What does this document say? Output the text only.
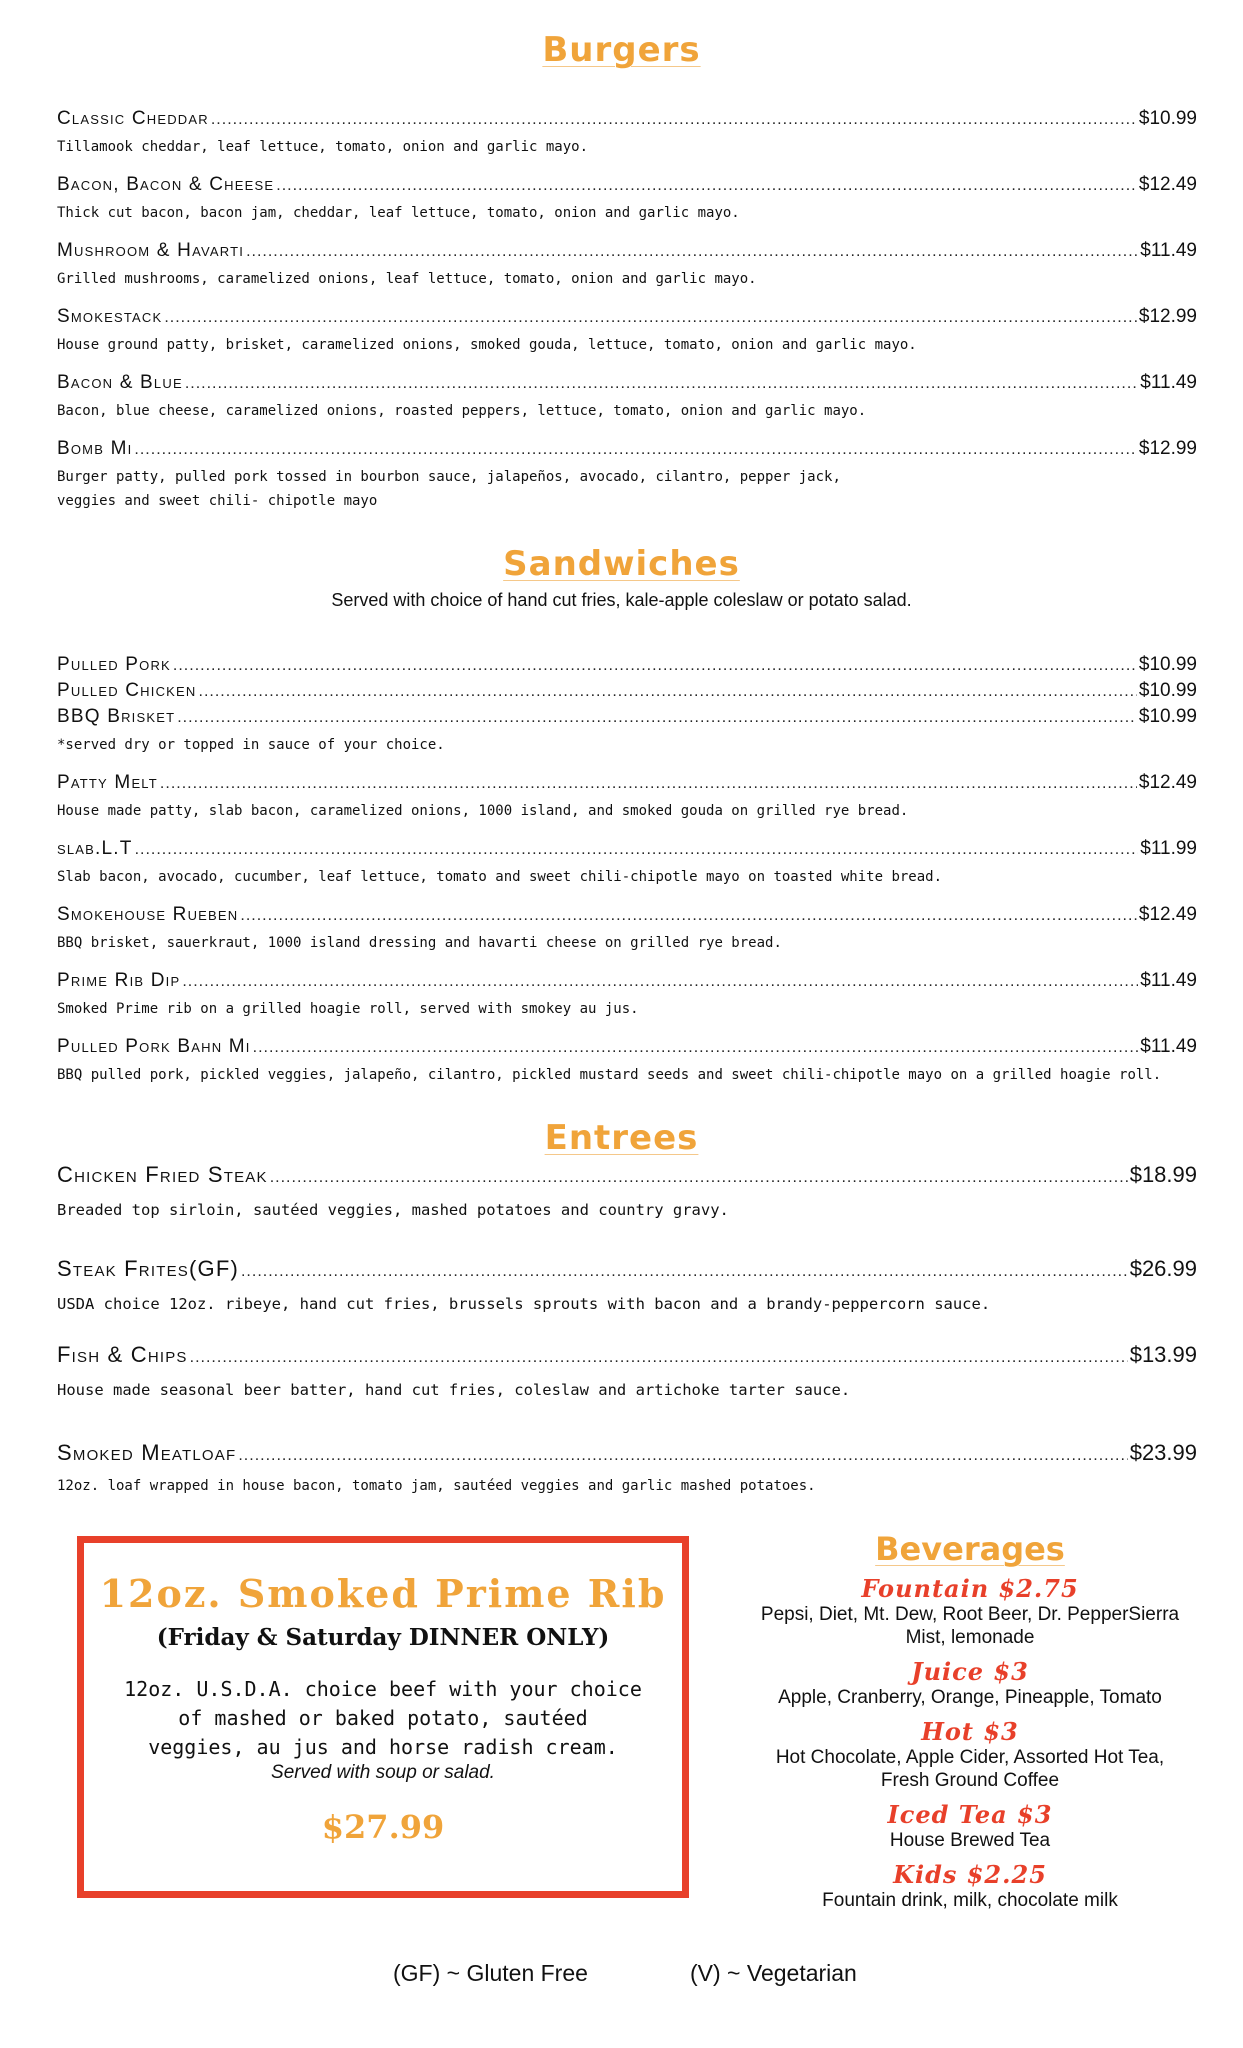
Burgers
Classic Cheddar .....	$10.99
Tillamook cheddar, leaf lettuce, tomato, onion and garlic mayo.
Bacon, Bacon & Cheese .....	$12.49
Thick cut bacon, bacon jam, cheddar, leaf lettuce, tomato, onion and garlic mayo.
Mushroom & Havarti .....	$11.49
Grilled mushrooms, caramelized onions, leaf lettuce, tomato, onion and garlic mayo.
Smokestack .....	$12.99
House ground patty, brisket, caramelized onions, smoked gouda, lettuce, tomato, onion and garlic mayo.
Bacon & Blue .....	$11.49
Bacon, blue cheese, caramelized onions, roasted peppers, lettuce, tomato, onion and garlic mayo.
Bomb Mi .....	$12.99
Burger patty, pulled pork tossed in bourbon sauce, jalapeños, avocado, cilantro, pepper jack,
veggies and sweet chili- chipotle mayo
Sandwiches
Served with choice of hand cut fries, kale-apple coleslaw or potato salad.
Pulled Pork .....	$10.99
Pulled Chicken .....	$10.99
BBQ Brisket .....	$10.99
*served dry or topped in sauce of your choice.
Patty Melt .....	$12.49
House made patty, slab bacon, caramelized onions, 1000 island, and smoked gouda on grilled rye bread.
slab.L.T .....	$11.99
Slab bacon, avocado, cucumber, leaf lettuce, tomato and sweet chili-chipotle mayo on toasted white bread.
Smokehouse Rueben .....	$12.49
BBQ brisket, sauerkraut, 1000 island dressing and havarti cheese on grilled rye bread.
Prime Rib Dip .....	$11.49
Smoked Prime rib on a grilled hoagie roll, served with smokey au jus.
Pulled Pork Bahn Mi .....	$11.49
BBQ pulled pork, pickled veggies, jalapeño, cilantro, pickled mustard seeds and sweet chili-chipotle mayo on a grilled hoagie roll.
Entrees
Chicken Fried Steak .....	$18.99
Breaded top sirloin, sautéed veggies, mashed potatoes and country gravy.
Steak Frites(GF) .....	$26.99
USDA choice 12oz. ribeye, hand cut fries, brussels sprouts with bacon and a brandy-peppercorn sauce.
Fish & Chips .....	$13.99
House made seasonal beer batter, hand cut fries, coleslaw and artichoke tarter sauce.
Smoked Meatloaf .....	$23.99
12oz. loaf wrapped in house bacon, tomato jam, sautéed veggies and garlic mashed potatoes.
12oz. Smoked Prime Rib
(Friday & Saturday DINNER ONLY)
12oz. U.S.D.A. choice beef with your choice
of mashed or baked potato, sautéed
veggies, au jus and horse radish cream.
Served with soup or salad.
$27.99
Beverages
Fountain $2.75
Pepsi, Diet, Mt. Dew, Root Beer, Dr. PepperSierra
Mist, lemonade
Juice $3
Apple, Cranberry, Orange, Pineapple, Tomato
Hot $3
Hot Chocolate, Apple Cider, Assorted Hot Tea,
Fresh Ground Coffee
Iced Tea $3
House Brewed Tea
Kids $2.25
Fountain drink, milk, chocolate milk
(GF) ~ Gluten Free	(V) ~ Vegetarian
